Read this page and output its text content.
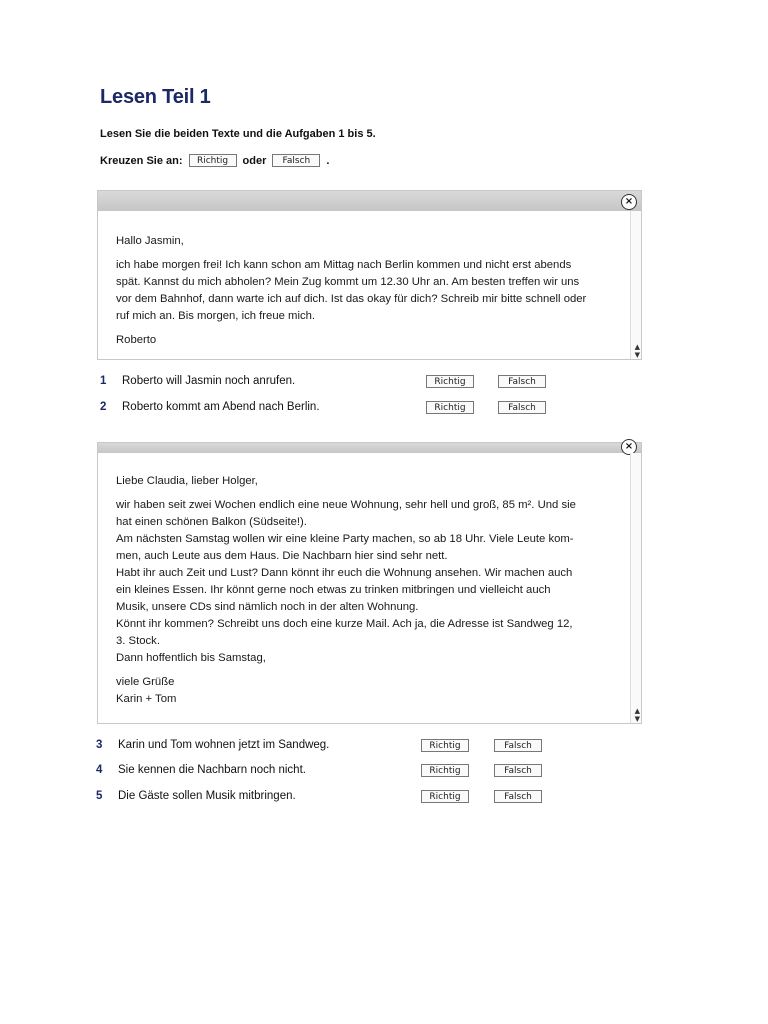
Lesen Teil 1
Lesen Sie die beiden Texte und die Aufgaben 1 bis 5.
Kreuzen Sie an:	Richtig	oder	Falsch	.
×
▲
▼

Hallo Jasmin,

ich habe morgen frei! Ich kann schon am Mittag nach Berlin kommen und nicht erst abends

spät. Kannst du mich abholen? Mein Zug kommt um 12.30 Uhr an. Am besten treffen wir uns

vor dem Bahnhof, dann warte ich auf dich. Ist das okay für dich? Schreib mir bitte schnell oder

ruf mich an. Bis morgen, ich freue mich.

Roberto

1 Roberto will Jasmin noch anrufen.	Richtig	Falsch
2 Roberto kommt am Abend nach Berlin.	Richtig	Falsch
×
▲
▼

Liebe Claudia, lieber Holger,

wir haben seit zwei Wochen endlich eine neue Wohnung, sehr hell und groß, 85 m². Und sie

hat einen schönen Balkon (Südseite!).

Am nächsten Samstag wollen wir eine kleine Party machen, so ab 18 Uhr. Viele Leute kom-

men, auch Leute aus dem Haus. Die Nachbarn hier sind sehr nett.

Habt ihr auch Zeit und Lust? Dann könnt ihr euch die Wohnung ansehen. Wir machen auch

ein kleines Essen. Ihr könnt gerne noch etwas zu trinken mitbringen und vielleicht auch

Musik, unsere CDs sind nämlich noch in der alten Wohnung.

Könnt ihr kommen? Schreibt uns doch eine kurze Mail. Ach ja, die Adresse ist Sandweg 12,

3. Stock.

Dann hoffentlich bis Samstag,

viele Grüße

Karin + Tom

3 Karin und Tom wohnen jetzt im Sandweg.	Richtig	Falsch
4 Sie kennen die Nachbarn noch nicht.	Richtig	Falsch
5 Die Gäste sollen Musik mitbringen.	Richtig	Falsch
